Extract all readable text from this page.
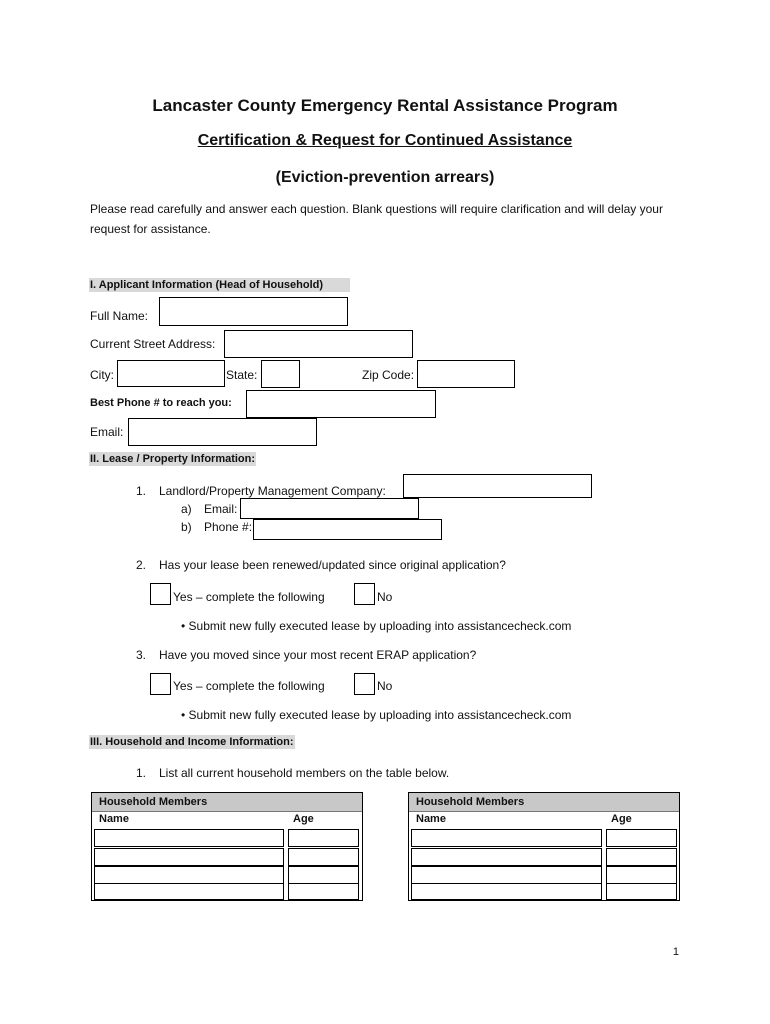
Lancaster County Emergency Rental Assistance Program
Certification & Request for Continued Assistance
(Eviction-prevention arrears)
Please read carefully and answer each question. Blank questions will require clarification and will delay your request for assistance.
I. Applicant Information (Head of Household)
Full Name:
Current Street Address:
City:	State:	Zip Code:
Best Phone # to reach you:
Email:
II. Lease / Property Information:
1. Landlord/Property Management Company:
a) Email:
b) Phone #:
2. Has your lease been renewed/updated since original application?
Yes – complete the following	No
• Submit new fully executed lease by uploading into assistancecheck.com
3. Have you moved since your most recent ERAP application?
Yes – complete the following	No
• Submit new fully executed lease by uploading into assistancecheck.com
III. Household and Income Information:
1. List all current household members on the table below.
Household Members
Name	Age
Household Members
Name	Age
1
